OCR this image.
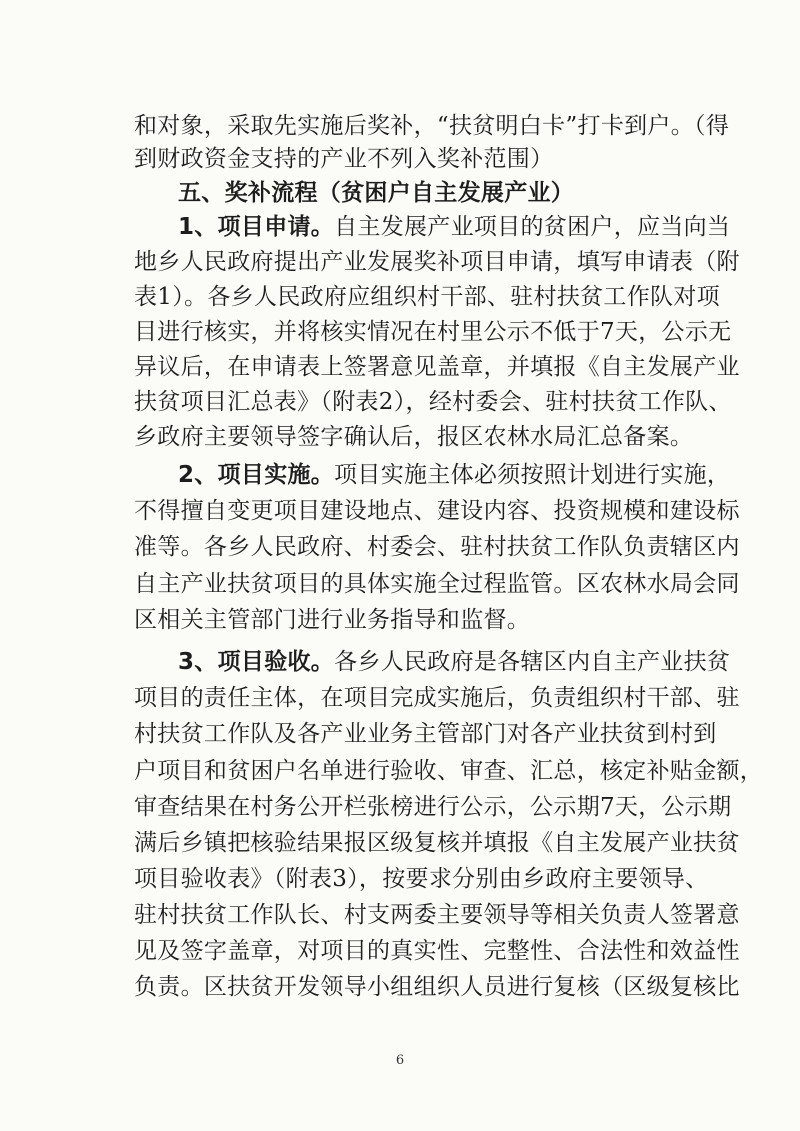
和对象，采取先实施后奖补，“扶贫明白卡”打卡到户。（得
到财政资金支持的产业不列入奖补范围）
五、奖补流程（贫困户自主发展产业）
1、项目申请。自主发展产业项目的贫困户，应当向当
地乡人民政府提出产业发展奖补项目申请，填写申请表（附
表1）。各乡人民政府应组织村干部、驻村扶贫工作队对项
目进行核实，并将核实情况在村里公示不低于7天，公示无
异议后，在申请表上签署意见盖章，并填报《自主发展产业
扶贫项目汇总表》（附表2），经村委会、驻村扶贫工作队、
乡政府主要领导签字确认后，报区农林水局汇总备案。
2、项目实施。项目实施主体必须按照计划进行实施，
不得擅自变更项目建设地点、建设内容、投资规模和建设标
准等。各乡人民政府、村委会、驻村扶贫工作队负责辖区内
自主产业扶贫项目的具体实施全过程监管。区农林水局会同
区相关主管部门进行业务指导和监督。
3、项目验收。各乡人民政府是各辖区内自主产业扶贫
项目的责任主体，在项目完成实施后，负责组织村干部、驻
村扶贫工作队及各产业业务主管部门对各产业扶贫到村到
户项目和贫困户名单进行验收、审查、汇总，核定补贴金额，
审查结果在村务公开栏张榜进行公示，公示期7天，公示期
满后乡镇把核验结果报区级复核并填报《自主发展产业扶贫
项目验收表》（附表3），按要求分别由乡政府主要领导、
驻村扶贫工作队长、村支两委主要领导等相关负责人签署意
见及签字盖章，对项目的真实性、完整性、合法性和效益性
负责。区扶贫开发领导小组组织人员进行复核（区级复核比
6
